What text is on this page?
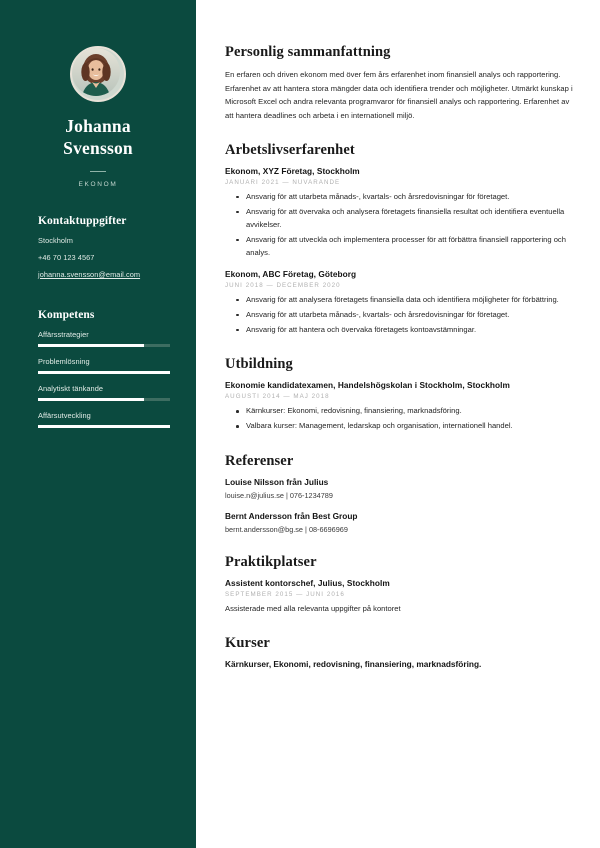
Johanna
Svensson
EKONOM
Kontaktuppgifter
Stockholm
+46 70 123 4567
johanna.svensson@email.com
Kompetens
Affärsstrategier
Problemlösning
Analytiskt tänkande
Affärsutveckling
Personlig sammanfattning

En erfaren och driven ekonom med över fem års erfarenhet inom finansiell analys och rapportering. Erfarenhet av att hantera stora mängder data och identifiera trender och möjligheter. Utmärkt kunskap i Microsoft Excel och andra relevanta programvaror för finansiell analys och rapportering. Erfarenhet av att hantera deadlines och arbeta i en internationell miljö.

Arbetslivserfarenhet
Ekonom, XYZ Företag, Stockholm
JANUARI 2021 — NUVARANDE
Ansvarig för att utarbeta månads-, kvartals- och årsredovisningar för företaget.
Ansvarig för att övervaka och analysera företagets finansiella resultat och identifiera eventuella avvikelser.
Ansvarig för att utveckla och implementera processer för att förbättra finansiell rapportering och analys.
Ekonom, ABC Företag, Göteborg
JUNI 2018 — DECEMBER 2020
Ansvarig för att analysera företagets finansiella data och identifiera möjligheter för förbättring.
Ansvarig för att utarbeta månads-, kvartals- och årsredovisningar för företaget.
Ansvarig för att hantera och övervaka företagets kontoavstämningar.
Utbildning
Ekonomie kandidatexamen, Handelshögskolan i Stockholm, Stockholm
AUGUSTI 2014 — MAJ 2018
Kärnkurser: Ekonomi, redovisning, finansiering, marknadsföring.
Valbara kurser: Management, ledarskap och organisation, internationell handel.
Referenser
Louise Nilsson från Julius
louise.n@julius.se | 076-1234789
Bernt Andersson från Best Group
bernt.andersson@bg.se | 08-6696969
Praktikplatser
Assistent kontorschef, Julius, Stockholm
SEPTEMBER 2015 — JUNI 2016

Assisterade med alla relevanta uppgifter på kontoret

Kurser

Kärnkurser, Ekonomi, redovisning, finansiering, marknadsföring.
